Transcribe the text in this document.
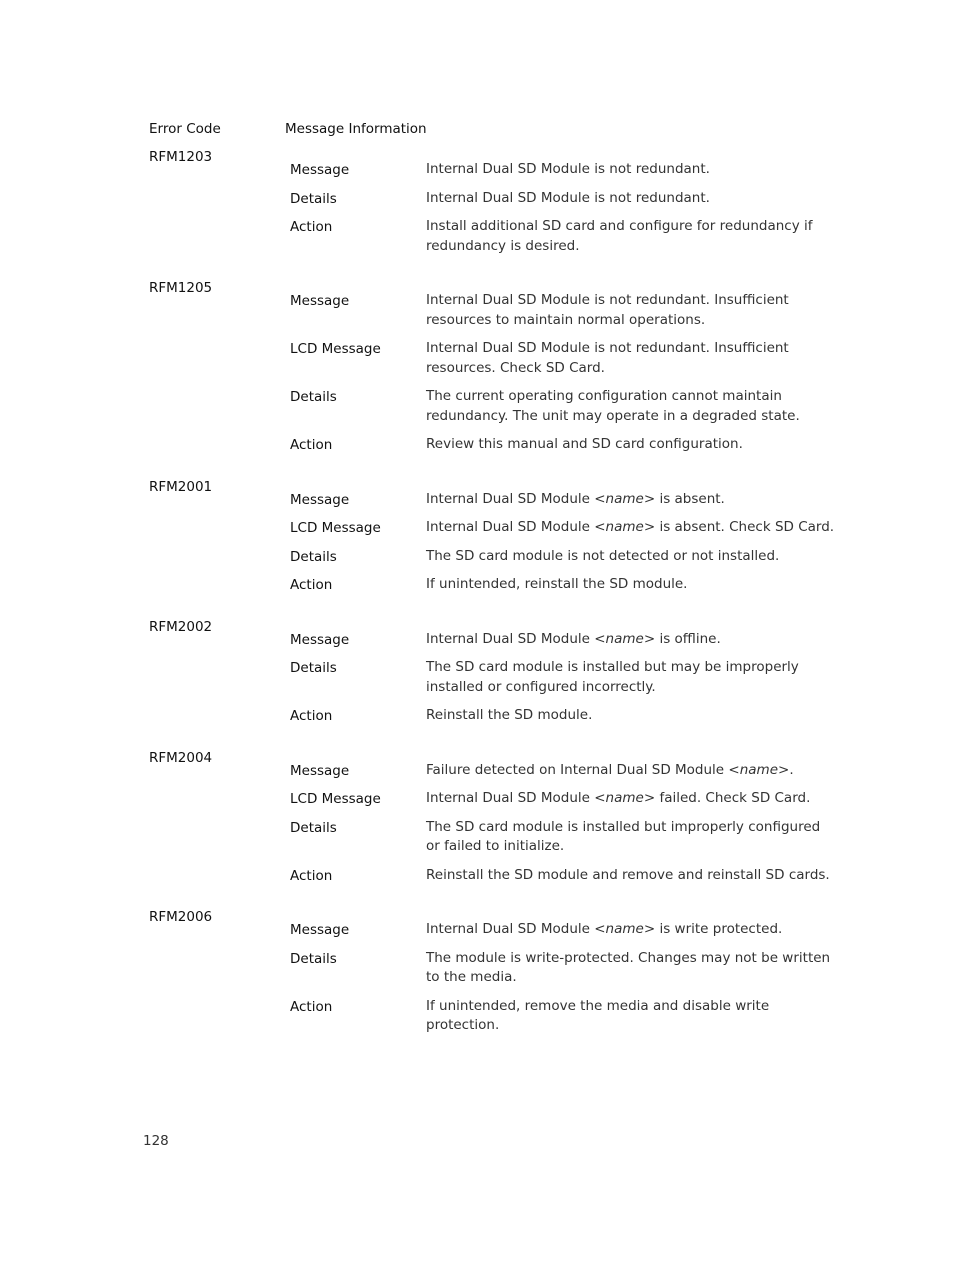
Error Code	Message Information
RFM1203
Message	Internal Dual SD Module is not redundant.
Details	Internal Dual SD Module is not redundant.
Action	Install additional SD card and configure for redundancy if redundancy is desired.
RFM1205
Message	Internal Dual SD Module is not redundant. Insufficient resources to maintain normal operations.
LCD Message	Internal Dual SD Module is not redundant. Insufficient resources. Check SD Card.
Details	The current operating configuration cannot maintain redundancy. The unit may operate in a degraded state.
Action	Review this manual and SD card configuration.
RFM2001
Message	Internal Dual SD Module <name> is absent.
LCD Message	Internal Dual SD Module <name> is absent. Check SD Card.
Details	The SD card module is not detected or not installed.
Action	If unintended, reinstall the SD module.
RFM2002
Message	Internal Dual SD Module <name> is offline.
Details	The SD card module is installed but may be improperly installed or configured incorrectly.
Action	Reinstall the SD module.
RFM2004
Message	Failure detected on Internal Dual SD Module <name>.
LCD Message	Internal Dual SD Module <name> failed. Check SD Card.
Details	The SD card module is installed but improperly configured or failed to initialize.
Action	Reinstall the SD module and remove and reinstall SD cards.
RFM2006
Message	Internal Dual SD Module <name> is write protected.
Details	The module is write-protected. Changes may not be written to the media.
Action	If unintended, remove the media and disable write protection.
128
